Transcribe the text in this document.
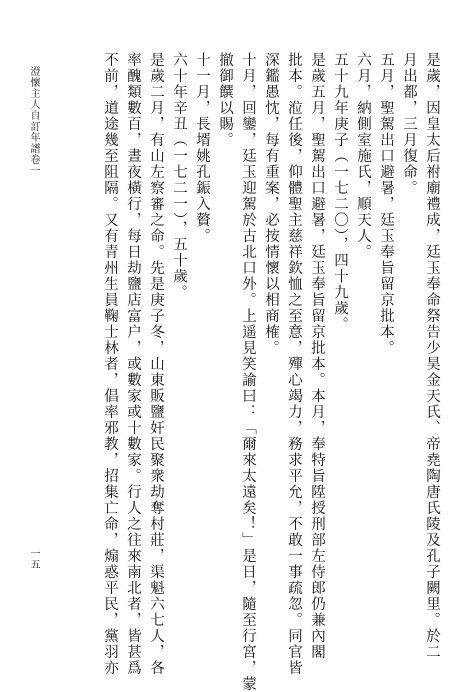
是歲，因皇太后祔廟禮成，廷玉奉命祭告少昊金天氏、帝堯陶唐氏陵及孔子闕里。於二
月出都，三月復命。
五月，聖駕出口避暑，廷玉奉旨留京批本。
六月，納側室施氏，順天人。
五十九年庚子（一七二〇），四十九歲。
是歲五月，聖駕出口避暑，廷玉奉旨留京批本。本月，奉特旨陞授刑部左侍郎仍兼內閣
批本。涖任後，仰體聖主慈祥欽恤之至意，殫心竭力，務求平允，不敢一事疏忽。同官皆
深鑑愚忱，每有重案，必按情懷以相商榷。
十月，回鑾，廷玉迎駕於古北口外。上遥見笑諭曰：「爾來太遠矣！」是日，隨至行宮，蒙
撤御饌以賜。
十一月，長壻姚孔鋠入贅。
六十年辛丑（一七二一），五十歲。
是歲二月，有山左察審之命。先是庚子冬，山東販鹽奸民聚衆劫奪村莊，渠魁六七人，各
率醜類數百，晝夜橫行，每日劫鹽店富户，或數家或十數家。行人之往來南北者，皆甚爲
不前，道途幾至阻隔。又有青州生員鞠士林者，倡率邪教，招集亡命，煽惑平民，黨羽亦
澄懷主人自訂年譜卷一
一五
